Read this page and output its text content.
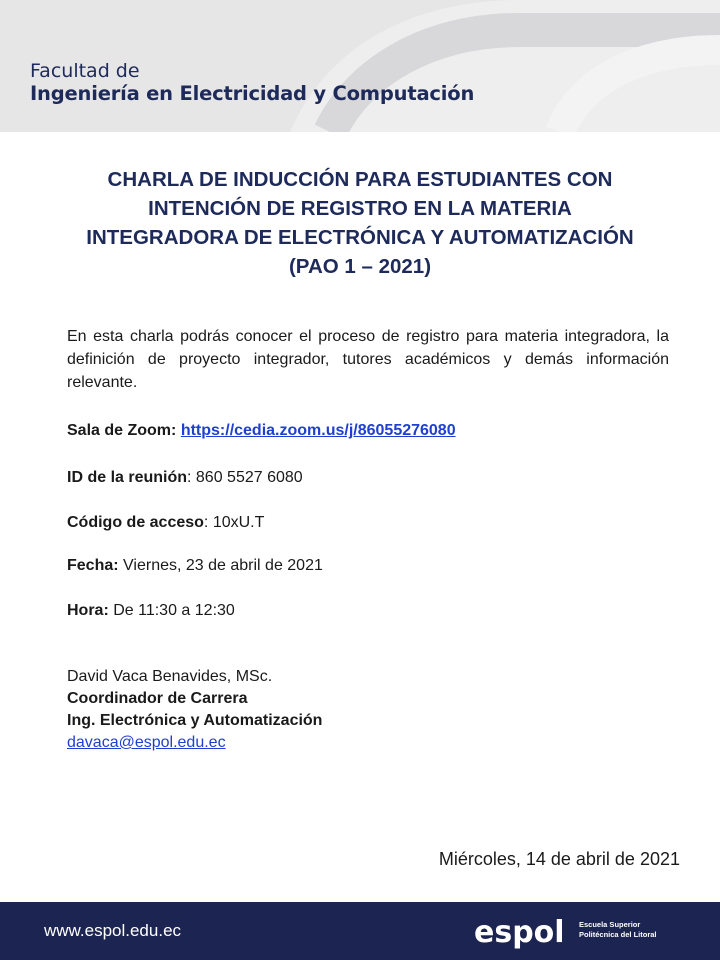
Facultad de
Ingeniería en Electricidad y Computación
CHARLA DE INDUCCIÓN PARA ESTUDIANTES CON
INTENCIÓN DE REGISTRO EN LA MATERIA
INTEGRADORA DE ELECTRÓNICA Y AUTOMATIZACIÓN
(PAO 1 – 2021)

En esta charla podrás conocer el proceso de registro para materia integradora, la definición de proyecto integrador, tutores académicos y demás información relevante.

Sala de Zoom: https://cedia.zoom.us/j/86055276080
ID de la reunión: 860 5527 6080
Código de acceso: 10xU.T
Fecha: Viernes, 23 de abril de 2021
Hora: De 11:30 a 12:30
David Vaca Benavides, MSc.
Coordinador de Carrera
Ing. Electrónica y Automatización
davaca@espol.edu.ec
Miércoles, 14 de abril de 2021
www.espol.edu.ec	espol Escuela Superior
Politécnica del Litoral
